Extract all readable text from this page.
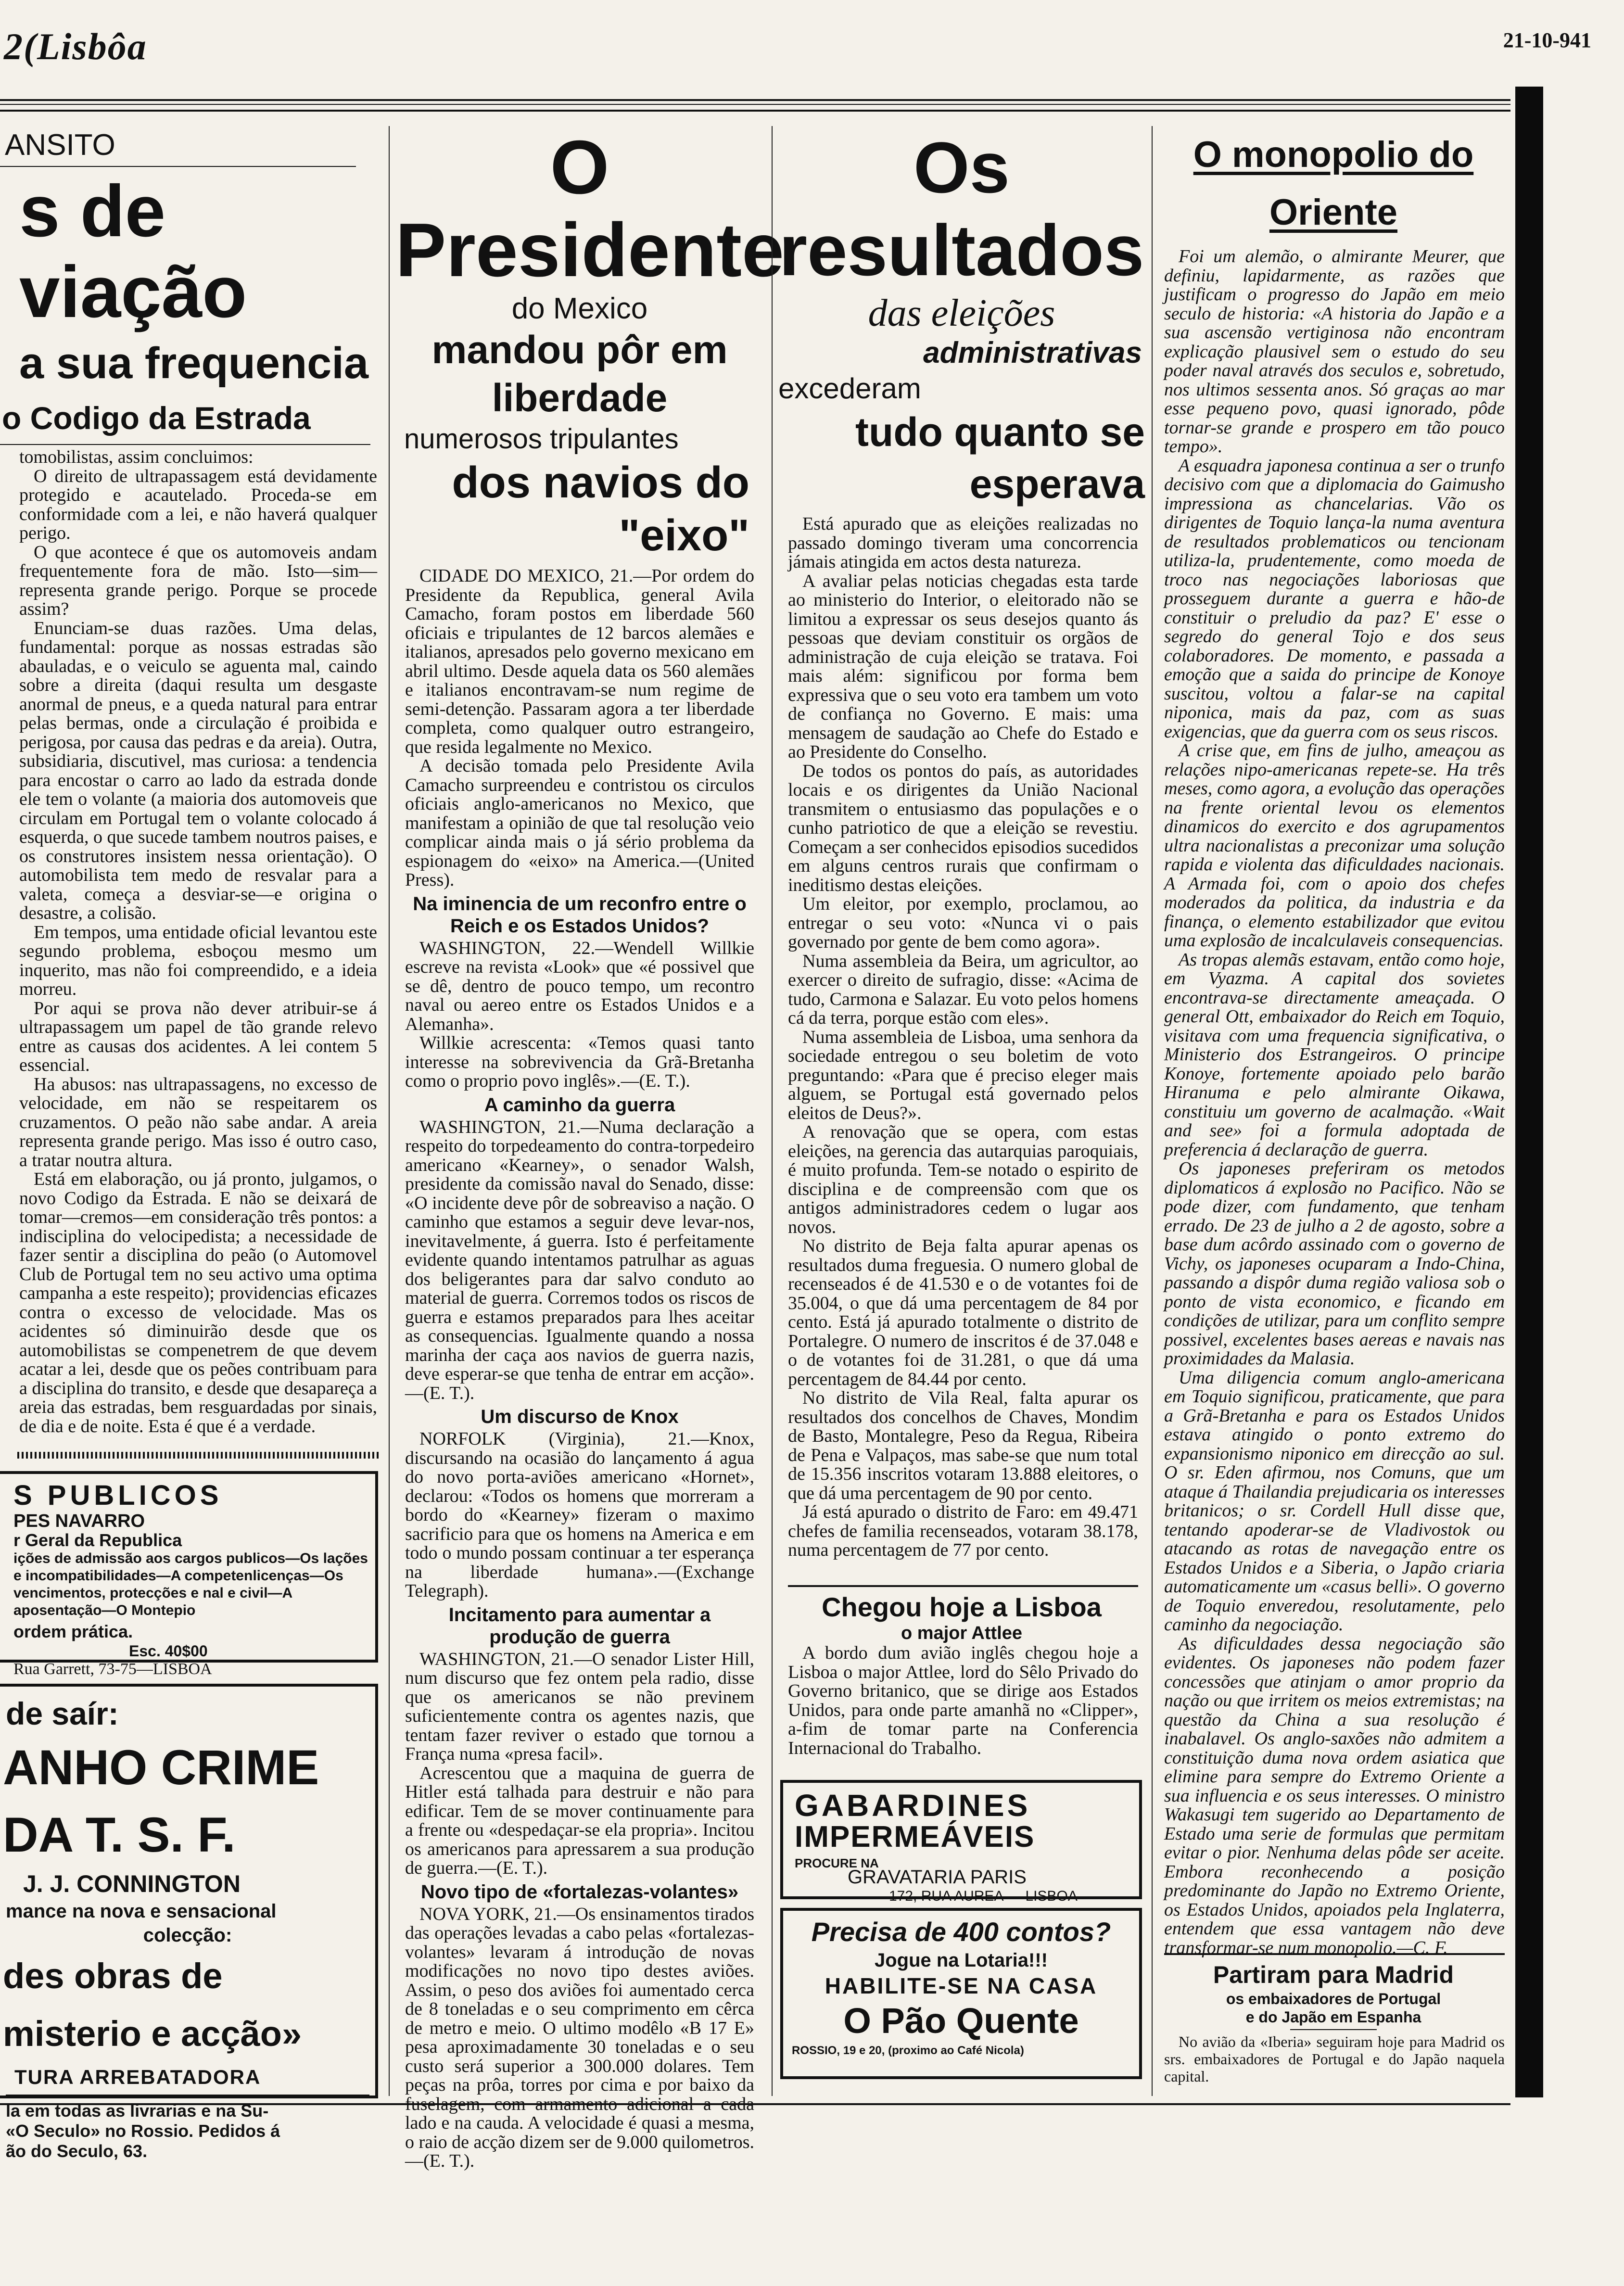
2(Lisbôa	21-10-941
ANSITO
s de viação
a sua frequencia
o Codigo da Estrada

tomobilistas, assim concluimos:

O direito de ultrapassagem está devidamente protegido e acautelado. Proceda-se em conformidade com a lei, e não haverá qualquer perigo.

O que acontece é que os automoveis andam frequentemente fora de mão. Isto—sim—representa grande perigo. Porque se procede assim?

Enunciam-se duas razões. Uma delas, fundamental: porque as nossas estradas são abauladas, e o veiculo se aguenta mal, caindo sobre a direita (daqui resulta um desgaste anormal de pneus, e a queda natural para entrar pelas bermas, onde a circulação é proibida e perigosa, por causa das pedras e da areia). Outra, subsidiaria, discutivel, mas curiosa: a tendencia para encostar o carro ao lado da estrada donde ele tem o volante (a maioria dos automoveis que circulam em Portugal tem o volante colocado á esquerda, o que sucede tambem noutros paises, e os construtores insistem nessa orientação). O automobilista tem medo de resvalar para a valeta, começa a desviar-se—e origina o desastre, a colisão.

Em tempos, uma entidade oficial levantou este segundo problema, esboçou mesmo um inquerito, mas não foi compreendido, e a ideia morreu.

Por aqui se prova não dever atribuir-se á ultrapassagem um papel de tão grande relevo entre as causas dos acidentes. A lei contem 5 essencial.

Ha abusos: nas ultrapassagens, no excesso de velocidade, em não se respeitarem os cruzamentos. O peão não sabe andar. A areia representa grande perigo. Mas isso é outro caso, a tratar noutra altura.

Está em elaboração, ou já pronto, julgamos, o novo Codigo da Estrada. E não se deixará de tomar—cremos—em consideração três pontos: a indisciplina do velocipedista; a necessidade de fazer sentir a disciplina do peão (o Automovel Club de Portugal tem no seu activo uma optima campanha a este respeito); providencias eficazes contra o excesso de velocidade. Mas os acidentes só diminuirão desde que os automobilistas se compenetrem de que devem acatar a lei, desde que os peões contribuam para a disciplina do transito, e desde que desapareça a areia das estradas, bem resguardadas por sinais, de dia e de noite. Esta é que é a verdade.

S PUBLICOS
PES NAVARRO
r Geral da Republica
ições de admissão aos cargos publicos—Os lações e incompatibilidades—A competenlicenças—Os vencimentos, protecções e nal e civil—A aposentação—O Montepio
ordem prática.
Esc. 40$00
Rua Garrett, 73-75—LISBOA
de saír:
ANHO CRIME DA T. S. F.
J. J. CONNINGTON
mance na nova e sensacional
colecção:
des obras de misterio e acção»
TURA ARREBATADORA
la em todas as livrarias e na Su-
«O Seculo» no Rossio. Pedidos á
ão do Seculo, 63.
O Presidente
do Mexico
mandou pôr em liberdade
numerosos tripulantes
dos navios do "eixo"

CIDADE DO MEXICO, 21.—Por ordem do Presidente da Republica, general Avila Camacho, foram postos em liberdade 560 oficiais e tripulantes de 12 barcos alemães e italianos, apresados pelo governo mexicano em abril ultimo. Desde aquela data os 560 alemães e italianos encontravam-se num regime de semi-detenção. Passaram agora a ter liberdade completa, como qualquer outro estrangeiro, que resida legalmente no Mexico.

A decisão tomada pelo Presidente Avila Camacho surpreendeu e contristou os circulos oficiais anglo-americanos no Mexico, que manifestam a opinião de que tal resolução veio complicar ainda mais o já sério problema da espionagem do «eixo» na America.—(United Press).

Na iminencia de um reconfro entre o Reich e os Estados Unidos?

WASHINGTON, 22.—Wendell Willkie escreve na revista «Look» que «é possivel que se dê, dentro de pouco tempo, um recontro naval ou aereo entre os Estados Unidos e a Alemanha».

Willkie acrescenta: «Temos quasi tanto interesse na sobrevivencia da Grã-Bretanha como o proprio povo inglês».—(E. T.).

A caminho da guerra

WASHINGTON, 21.—Numa declaração a respeito do torpedeamento do contra-torpedeiro americano «Kearney», o senador Walsh, presidente da comissão naval do Senado, disse: «O incidente deve pôr de sobreaviso a nação. O caminho que estamos a seguir deve levar-nos, inevitavelmente, á guerra. Isto é perfeitamente evidente quando intentamos patrulhar as aguas dos beligerantes para dar salvo conduto ao material de guerra. Corremos todos os riscos de guerra e estamos preparados para lhes aceitar as consequencias. Igualmente quando a nossa marinha der caça aos navios de guerra nazis, deve esperar-se que tenha de entrar em acção».—(E. T.).

Um discurso de Knox

NORFOLK (Virginia), 21.—Knox, discursando na ocasião do lançamento á agua do novo porta-aviões americano «Hornet», declarou: «Todos os homens que morreram a bordo do «Kearney» fizeram o maximo sacrificio para que os homens na America e em todo o mundo possam continuar a ter esperança na liberdade humana».—(Exchange Telegraph).

Incitamento para aumentar a produção de guerra

WASHINGTON, 21.—O senador Lister Hill, num discurso que fez ontem pela radio, disse que os americanos se não previnem suficientemente contra os agentes nazis, que tentam fazer reviver o estado que tornou a França numa «presa facil».

Acrescentou que a maquina de guerra de Hitler está talhada para destruir e não para edificar. Tem de se mover continuamente para a frente ou «despedaçar-se ela propria». Incitou os americanos para apressarem a sua produção de guerra.—(E. T.).

Novo tipo de «fortalezas-volantes»

NOVA YORK, 21.—Os ensinamentos tirados das operações levadas a cabo pelas «fortalezas-volantes» levaram á introdução de novas modificações no novo tipo destes aviões. Assim, o peso dos aviões foi aumentado cerca de 8 toneladas e o seu comprimento em cêrca de metro e meio. O ultimo modêlo «B 17 E» pesa aproximadamente 30 toneladas e o seu custo será superior a 300.000 dolares. Tem peças na prôa, torres por cima e por baixo da fuselagem, com armamento adicional a cada lado e na cauda. A velocidade é quasi a mesma, o raio de acção dizem ser de 9.000 quilometros.—(E. T.).

Os resultados
das eleições
administrativas
excederam
tudo quanto se esperava

Está apurado que as eleições realizadas no passado domingo tiveram uma concorrencia jámais atingida em actos desta natureza.

A avaliar pelas noticias chegadas esta tarde ao ministerio do Interior, o eleitorado não se limitou a expressar os seus desejos quanto ás pessoas que deviam constituir os orgãos de administração de cuja eleição se tratava. Foi mais além: significou por forma bem expressiva que o seu voto era tambem um voto de confiança no Governo. E mais: uma mensagem de saudação ao Chefe do Estado e ao Presidente do Conselho.

De todos os pontos do país, as autoridades locais e os dirigentes da União Nacional transmitem o entusiasmo das populações e o cunho patriotico de que a eleição se revestiu. Começam a ser conhecidos episodios sucedidos em alguns centros rurais que confirmam o ineditismo destas eleições.

Um eleitor, por exemplo, proclamou, ao entregar o seu voto: «Nunca vi o pais governado por gente de bem como agora».

Numa assembleia da Beira, um agricultor, ao exercer o direito de sufragio, disse: «Acima de tudo, Carmona e Salazar. Eu voto pelos homens cá da terra, porque estão com eles».

Numa assembleia de Lisboa, uma senhora da sociedade entregou o seu boletim de voto preguntando: «Para que é preciso eleger mais alguem, se Portugal está governado pelos eleitos de Deus?».

A renovação que se opera, com estas eleições, na gerencia das autarquias paroquiais, é muito profunda. Tem-se notado o espirito de disciplina e de compreensão com que os antigos administradores cedem o lugar aos novos.

No distrito de Beja falta apurar apenas os resultados duma freguesia. O numero global de recenseados é de 41.530 e o de votantes foi de 35.004, o que dá uma percentagem de 84 por cento. Está já apurado totalmente o distrito de Portalegre. O numero de inscritos é de 37.048 e o de votantes foi de 31.281, o que dá uma percentagem de 84.44 por cento.

No distrito de Vila Real, falta apurar os resultados dos concelhos de Chaves, Mondim de Basto, Montalegre, Peso da Regua, Ribeira de Pena e Valpaços, mas sabe-se que num total de 15.356 inscritos votaram 13.888 eleitores, o que dá uma percentagem de 90 por cento.

Já está apurado o distrito de Faro: em 49.471 chefes de familia recenseados, votaram 38.178, numa percentagem de 77 por cento.

Chegou hoje a Lisboa
o major Attlee

A bordo dum avião inglês chegou hoje a Lisboa o major Attlee, lord do Sêlo Privado do Governo britanico, que se dirige aos Estados Unidos, para onde parte amanhã no «Clipper», a-fim de tomar parte na Conferencia Internacional do Trabalho.

GABARDINES
IMPERMEÁVEIS
PROCURE NA
GRAVATARIA PARIS
172, RUA AUREA — LISBOA
Precisa de 400 contos?
Jogue na Lotaria!!!
HABILITE-SE NA CASA
O Pão Quente
ROSSIO, 19 e 20, (proximo ao Café Nicola)
O monopolio do Oriente

Foi um alemão, o almirante Meurer, que definiu, lapidarmente, as razões que justificam o progresso do Japão em meio seculo de historia: «A historia do Japão e a sua ascensão vertiginosa não encontram explicação plausivel sem o estudo do seu poder naval através dos seculos e, sobretudo, nos ultimos sessenta anos. Só graças ao mar esse pequeno povo, quasi ignorado, pôde tornar-se grande e prospero em tão pouco tempo».

A esquadra japonesa continua a ser o trunfo decisivo com que a diplomacia do Gaimusho impressiona as chancelarias. Vão os dirigentes de Toquio lança-la numa aventura de resultados problematicos ou tencionam utiliza-la, prudentemente, como moeda de troco nas negociações laboriosas que prosseguem durante a guerra e hão-de constituir o preludio da paz? E' esse o segredo do general Tojo e dos seus colaboradores. De momento, e passada a emoção que a saida do principe de Konoye suscitou, voltou a falar-se na capital niponica, mais da paz, com as suas exigencias, que da guerra com os seus riscos.

A crise que, em fins de julho, ameaçou as relações nipo-americanas repete-se. Ha três meses, como agora, a evolução das operações na frente oriental levou os elementos dinamicos do exercito e dos agrupamentos ultra nacionalistas a preconizar uma solução rapida e violenta das dificuldades nacionais. A Armada foi, com o apoio dos chefes moderados da politica, da industria e da finança, o elemento estabilizador que evitou uma explosão de incalculaveis consequencias.

As tropas alemãs estavam, então como hoje, em Vyazma. A capital dos sovietes encontrava-se directamente ameaçada. O general Ott, embaixador do Reich em Toquio, visitava com uma frequencia significativa, o Ministerio dos Estrangeiros. O principe Konoye, fortemente apoiado pelo barão Hiranuma e pelo almirante Oikawa, constituiu um governo de acalmação. «Wait and see» foi a formula adoptada de preferencia á declaração de guerra.

Os japoneses preferiram os metodos diplomaticos á explosão no Pacifico. Não se pode dizer, com fundamento, que tenham errado. De 23 de julho a 2 de agosto, sobre a base dum acôrdo assinado com o governo de Vichy, os japoneses ocuparam a Indo-China, passando a dispôr duma região valiosa sob o ponto de vista economico, e ficando em condições de utilizar, para um conflito sempre possivel, excelentes bases aereas e navais nas proximidades da Malasia.

Uma diligencia comum anglo-americana em Toquio significou, praticamente, que para a Grã-Bretanha e para os Estados Unidos estava atingido o ponto extremo do expansionismo niponico em direcção ao sul. O sr. Eden afirmou, nos Comuns, que um ataque á Thailandia prejudicaria os interesses britanicos; o sr. Cordell Hull disse que, tentando apoderar-se de Vladivostok ou atacando as rotas de navegação entre os Estados Unidos e a Siberia, o Japão criaria automaticamente um «casus belli». O governo de Toquio enveredou, resolutamente, pelo caminho da negociação.

As dificuldades dessa negociação são evidentes. Os japoneses não podem fazer concessões que atinjam o amor proprio da nação ou que irritem os meios extremistas; na questão da China a sua resolução é inabalavel. Os anglo-saxões não admitem a constituição duma nova ordem asiatica que elimine para sempre do Extremo Oriente a sua influencia e os seus interesses. O ministro Wakasugi tem sugerido ao Departamento de Estado uma serie de formulas que permitam evitar o pior. Nenhuma delas pôde ser aceite. Embora reconhecendo a posição predominante do Japão no Extremo Oriente, os Estados Unidos, apoiados pela Inglaterra, entendem que essa vantagem não deve transformar-se num monopolio.—C. F.

Partiram para Madrid
os embaixadores de Portugal
e do Japão em Espanha

No avião da «Iberia» seguiram hoje para Madrid os srs. embaixadores de Portugal e do Japão naquela capital.
